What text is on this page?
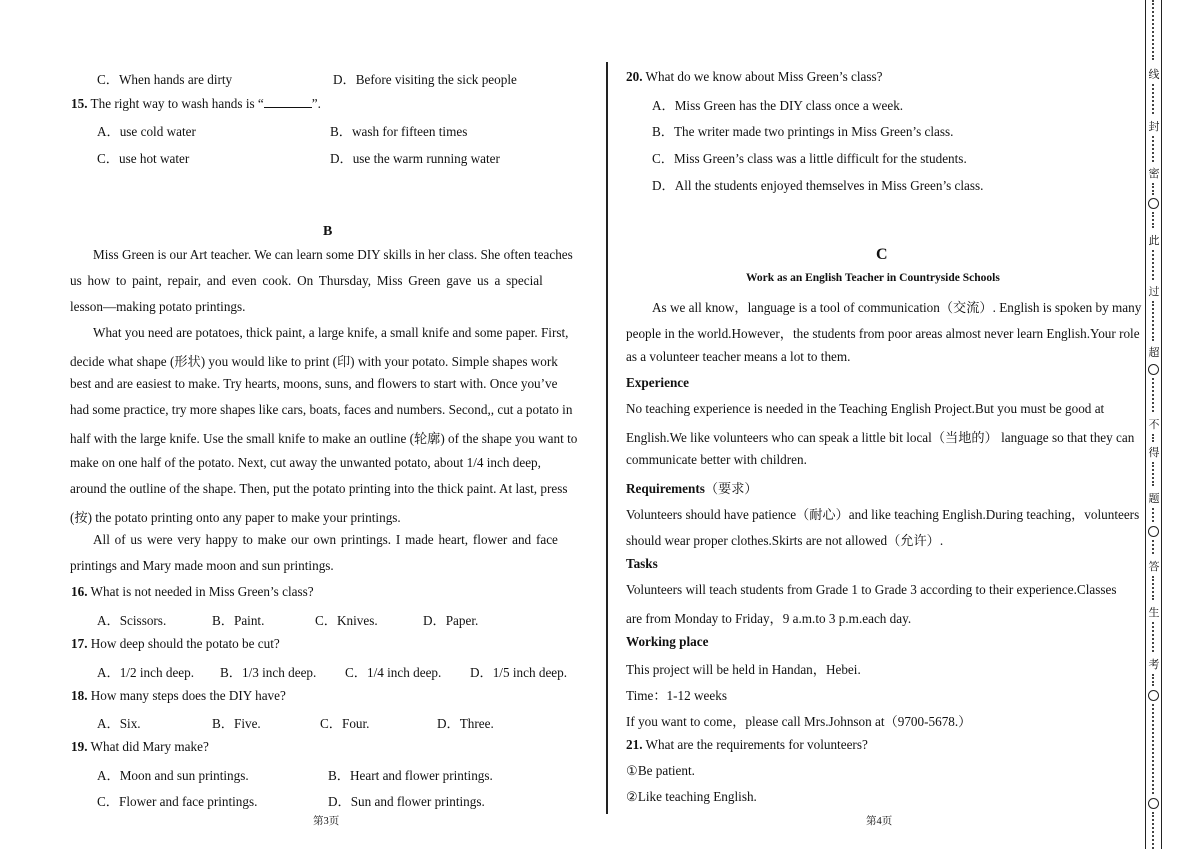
C．When hands are dirty	D．Before visiting the sick people
15. The right way to wash hands is “	”.
A．use cold water	B．wash for fifteen times
C．use hot water	D．use the warm running water
B
Miss Green is our Art teacher. We can learn some DIY skills in her class. She often teaches
us how to paint, repair, and even cook. On Thursday, Miss Green gave us a special
lesson—making potato printings.
What you need are potatoes, thick paint, a large knife, a small knife and some paper. First,
decide what shape (形状) you would like to print (印) with your potato. Simple shapes work
best and are easiest to make. Try hearts, moons, suns, and flowers to start with. Once you’ve
had some practice, try more shapes like cars, boats, faces and numbers. Second,, cut a potato in
half with the large knife. Use the small knife to make an outline (轮廓) of the shape you want to
make on one half of the potato. Next, cut away the unwanted potato, about 1/4 inch deep,
around the outline of the shape. Then, put the potato printing into the thick paint. At last, press
(按) the potato printing onto any paper to make your printings.
All of us were very happy to make our own printings. I made heart, flower and face
printings and Mary made moon and sun printings.
16. What is not needed in Miss Green’s class?
A．Scissors.	B．Paint.	C．Knives.	D．Paper.
17. How deep should the potato be cut?
A．1/2 inch deep. B．1/3 inch deep. C．1/4 inch deep. D．1/5 inch deep.
18. How many steps does the DIY have?
A．Six.	B．Five.	C．Four.	D．Three.
19. What did Mary make?
A．Moon and sun printings.	B．Heart and flower printings.
C．Flower and face printings.	D．Sun and flower printings.
第3页
20. What do we know about Miss Green’s class?
A．Miss Green has the DIY class once a week.
B．The writer made two printings in Miss Green’s class.
C．Miss Green’s class was a little difficult for the students.
D．All the students enjoyed themselves in Miss Green’s class.
C
Work as an English Teacher in Countryside Schools
As we all know，language is a tool of communication（交流）. English is spoken by many
people in the world.However，the students from poor areas almost never learn English.Your role
as a volunteer teacher means a lot to them.
Experience
No teaching experience is needed in the Teaching English Project.But you must be good at
English.We like volunteers who can speak a little bit local（当地的） language so that they can
communicate better with children.
Requirements（要求）
Volunteers should have patience（耐心）and like teaching English.During teaching，volunteers
should wear proper clothes.Skirts are not allowed（允许）.
Tasks
Volunteers will teach students from Grade 1 to Grade 3 according to their experience.Classes
are from Monday to Friday，9 a.m.to 3 p.m.each day.
Working place
This project will be held in Handan，Hebei.
Time：1-12 weeks
If you want to come，please call Mrs.Johnson at（9700-5678.）
21. What are the requirements for volunteers?
①Be patient.
②Like teaching English.
第4页
线
封
密
此
过
超
不
得
题
答
生
考
